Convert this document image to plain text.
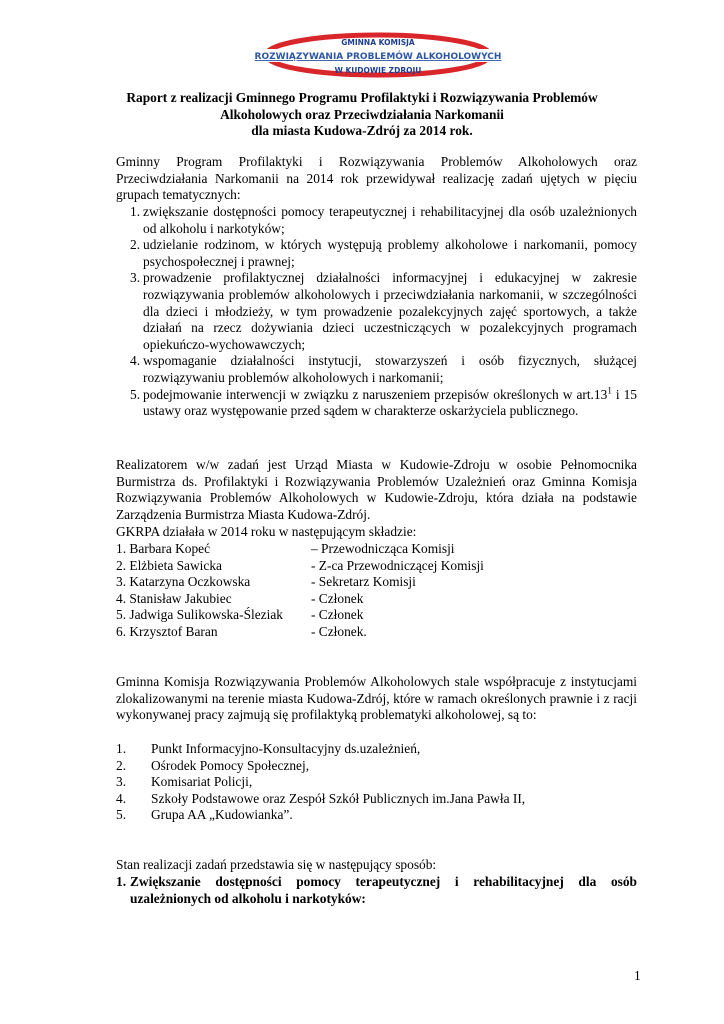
GMINNA KOMISJA
ROZWIĄZYWANIA PROBLEMÓW ALKOHOLOWYCH
W KUDOWIE ZDROJU
Raport z realizacji Gminnego Programu Profilaktyki i Rozwiązywania Problemów
Alkoholowych oraz Przeciwdziałania Narkomanii
dla miasta Kudowa-Zdrój za 2014 rok.
Gminny Program Profilaktyki i Rozwiązywania Problemów Alkoholowych oraz Przeciwdziałania Narkomanii na 2014 rok przewidywał realizację zadań ujętych w pięciu grupach tematycznych:
1. zwiększanie dostępności pomocy terapeutycznej i rehabilitacyjnej dla osób uzależnionych od alkoholu i narkotyków;
2. udzielanie rodzinom, w których występują problemy alkoholowe i narkomanii, pomocy psychospołecznej i prawnej;
3. prowadzenie profilaktycznej działalności informacyjnej i edukacyjnej w zakresie rozwiązywania problemów alkoholowych i przeciwdziałania narkomanii, w szczególności dla dzieci i młodzieży, w tym prowadzenie pozalekcyjnych zajęć sportowych, a także działań na rzecz dożywiania dzieci uczestniczących w pozalekcyjnych programach opiekuńczo-wychowawczych;
4. wspomaganie działalności instytucji, stowarzyszeń i osób fizycznych, służącej rozwiązywaniu problemów alkoholowych i narkomanii;
5. podejmowanie interwencji w związku z naruszeniem przepisów określonych w $art.13^1$ i 15 ustawy oraz występowanie przed sądem w charakterze oskarżyciela publicznego.
Realizatorem w/w zadań jest Urząd Miasta w Kudowie-Zdroju w osobie Pełnomocnika Burmistrza ds. Profilaktyki i Rozwiązywania Problemów Uzależnień oraz Gminna Komisja Rozwiązywania Problemów Alkoholowych w Kudowie-Zdroju, która działa na podstawie Zarządzenia Burmistrza Miasta Kudowa-Zdrój.
GKRPA działała w 2014 roku w następującym składzie:
1. Barbara Kopeć	– Przewodnicząca Komisji
2. Elżbieta Sawicka	- Z-ca Przewodniczącej Komisji
3. Katarzyna Oczkowska	- Sekretarz Komisji
4. Stanisław Jakubiec	- Członek
5. Jadwiga Sulikowska-Śleziak - Członek
6. Krzysztof Baran	- Członek.
Gminna Komisja Rozwiązywania Problemów Alkoholowych stale współpracuje z instytucjami zlokalizowanymi na terenie miasta Kudowa-Zdrój, które w ramach określonych prawnie i z racji wykonywanej pracy zajmują się profilaktyką problematyki alkoholowej, są to:
1. Punkt Informacyjno-Konsultacyjny ds.uzależnień,
2. Ośrodek Pomocy Społecznej,
3. Komisariat Policji,
4. Szkoły Podstawowe oraz Zespół Szkół Publicznych im.Jana Pawła II,
5. Grupa AA „Kudowianka”.
Stan realizacji zadań przedstawia się w następujący sposób:
1. Zwiększanie dostępności pomocy terapeutycznej i rehabilitacyjnej dla osób uzależnionych od alkoholu i narkotyków:
1
